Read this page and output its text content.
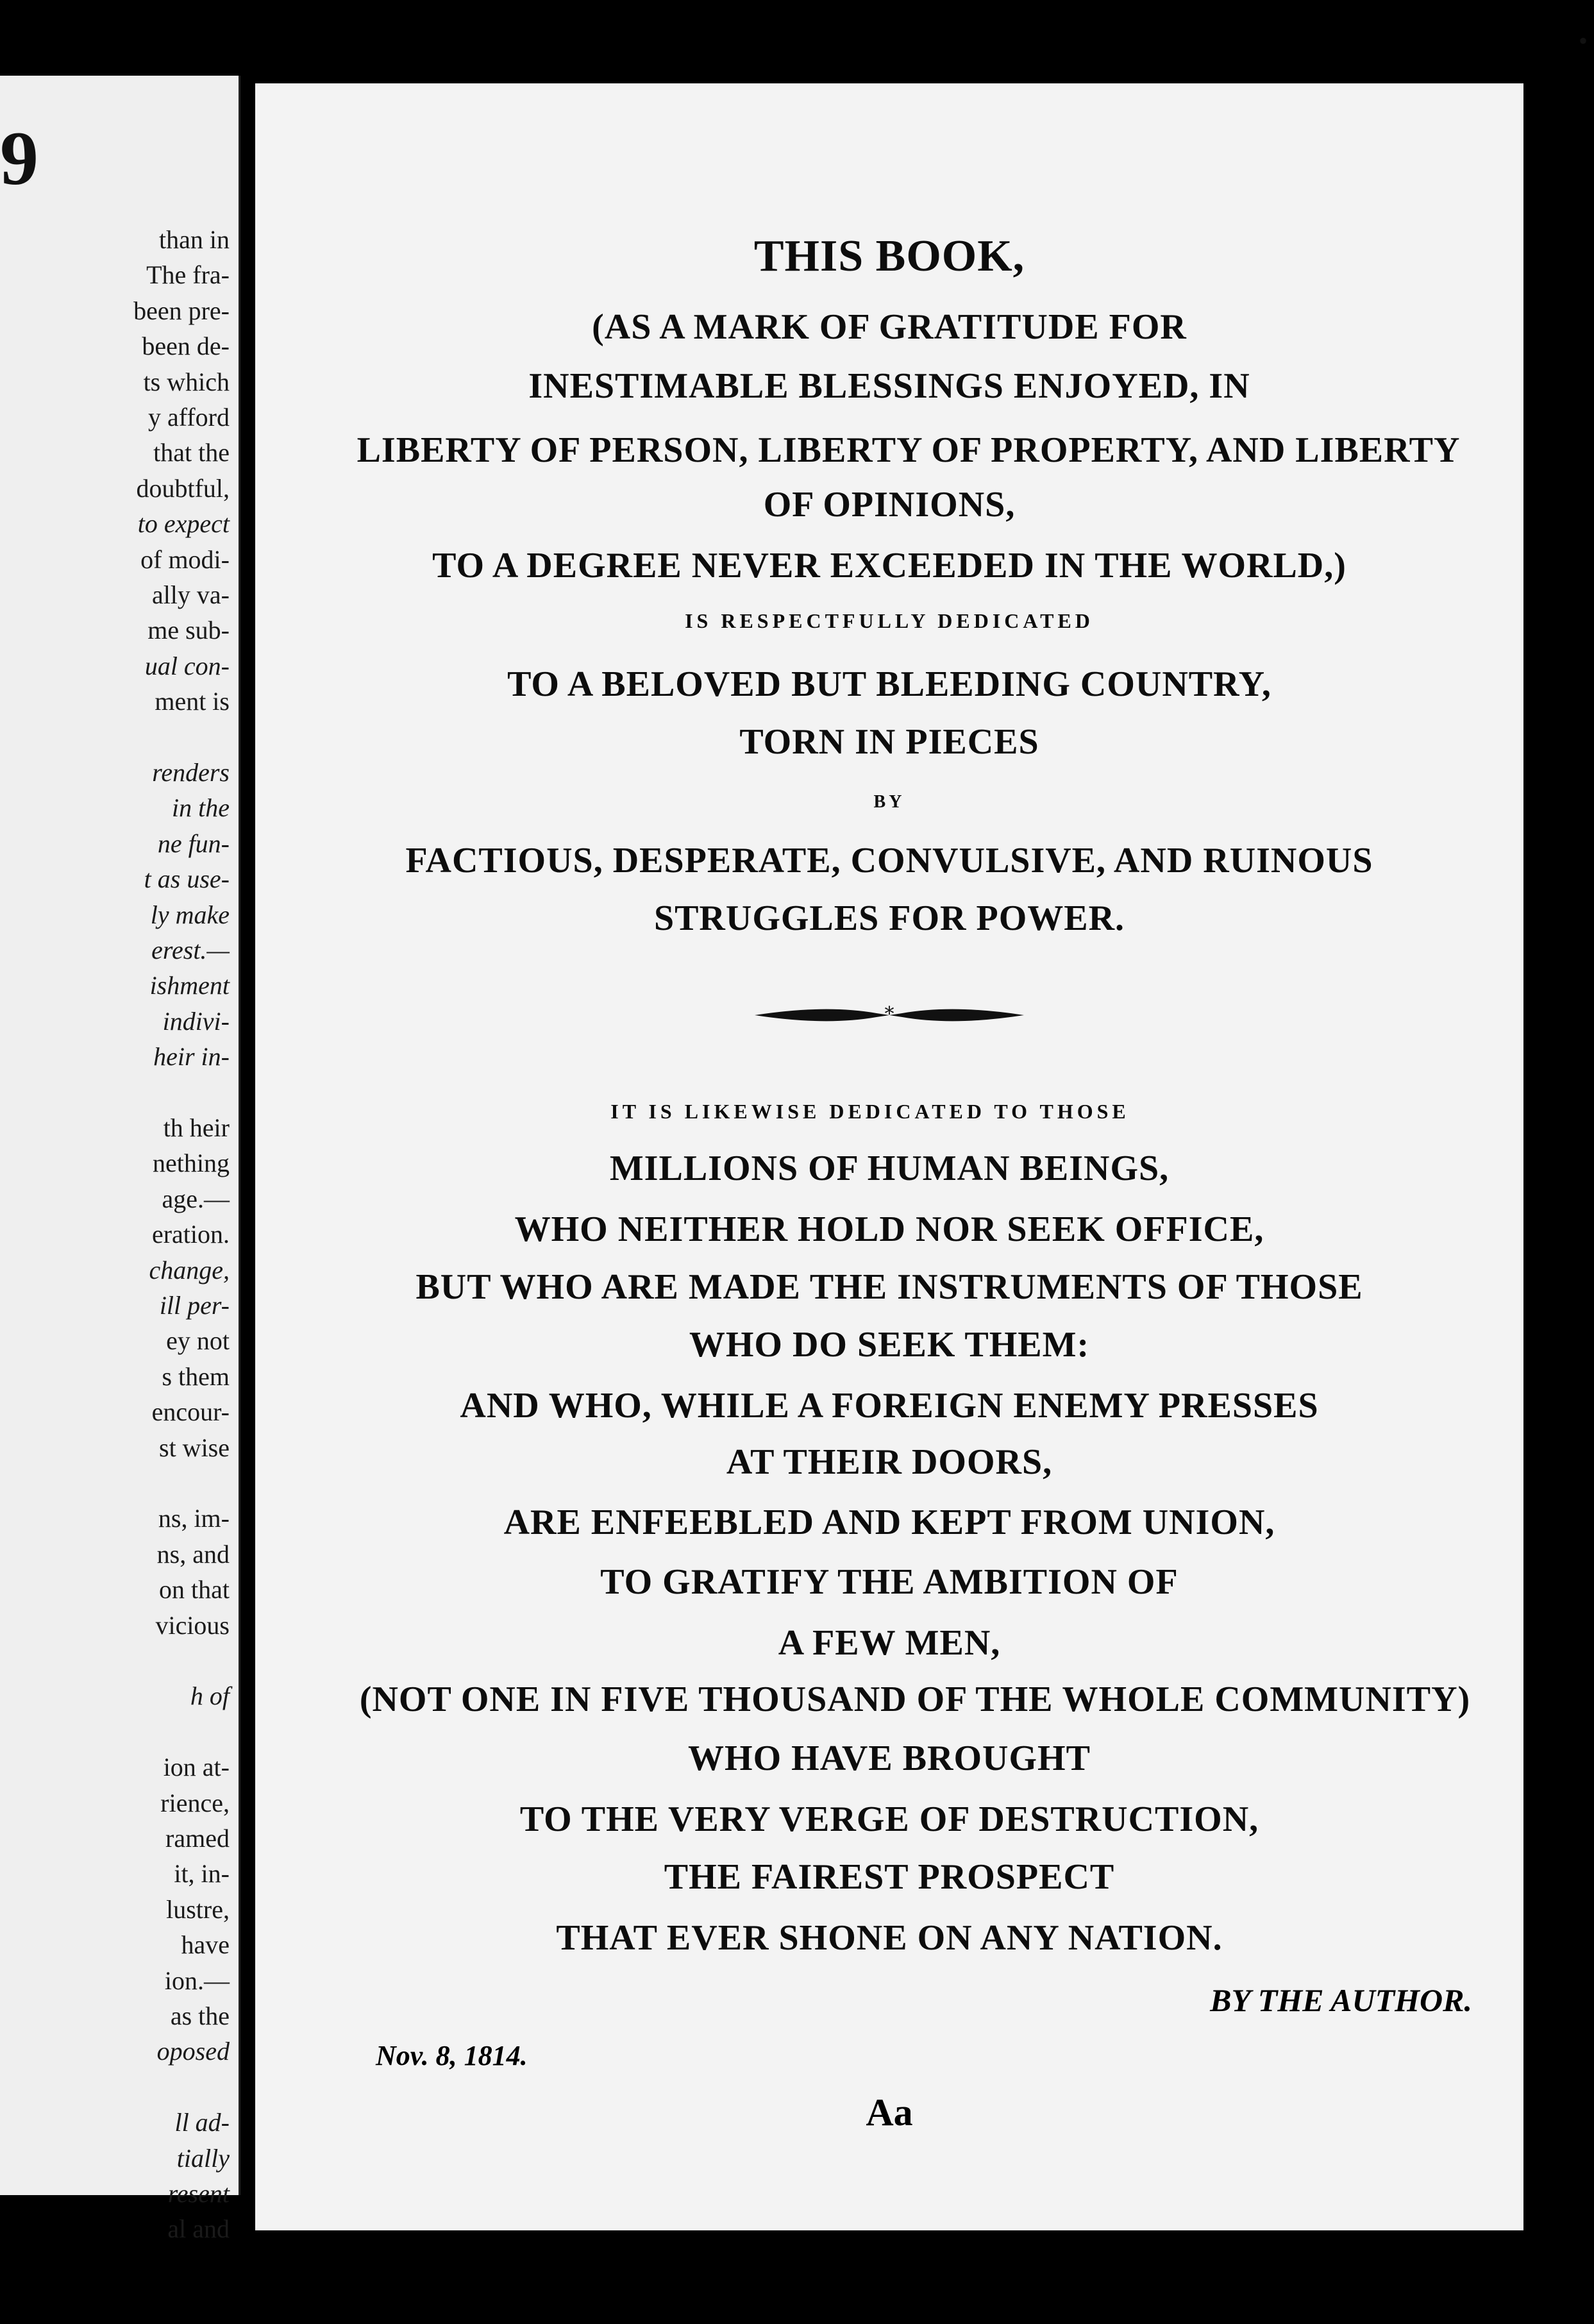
9
than in
The fra-
been pre-
been de-
ts which
y afford
that the
doubtful,
to expect
of modi-
ally va-
me sub-
ual con-
ment is
renders
in the
ne fun-
t as use-
ly make
erest.—
ishment
indivi-
heir in-
th heir
nething
age.—
eration.
change,
ill per-
ey not
s them
encour-
st wise
ns, im-
ns, and
on that
vicious
h of
ion at-
rience,
ramed
it, in-
lustre,
have
ion.—
as the
oposed
ll ad-
tially
resent
al and
•
THIS BOOK,
(AS A MARK OF GRATITUDE FOR
INESTIMABLE BLESSINGS ENJOYED, IN
LIBERTY OF PERSON, LIBERTY OF PROPERTY, AND LIBERTY
OF OPINIONS,
TO A DEGREE NEVER EXCEEDED IN THE WORLD,)
IS RESPECTFULLY DEDICATED
TO A BELOVED BUT BLEEDING COUNTRY,
TORN IN PIECES
BY
FACTIOUS, DESPERATE, CONVULSIVE, AND RUINOUS
STRUGGLES FOR POWER.
*
IT IS LIKEWISE DEDICATED TO THOSE
MILLIONS OF HUMAN BEINGS,
WHO NEITHER HOLD NOR SEEK OFFICE,
BUT WHO ARE MADE THE INSTRUMENTS OF THOSE
WHO DO SEEK THEM:
AND WHO, WHILE A FOREIGN ENEMY PRESSES
AT THEIR DOORS,
ARE ENFEEBLED AND KEPT FROM UNION,
TO GRATIFY THE AMBITION OF
A FEW MEN,
(NOT ONE IN FIVE THOUSAND OF THE WHOLE COMMUNITY)
WHO HAVE BROUGHT
TO THE VERY VERGE OF DESTRUCTION,
THE FAIREST PROSPECT
THAT EVER SHONE ON ANY NATION.
BY THE AUTHOR.
Nov. 8, 1814.
Aa
